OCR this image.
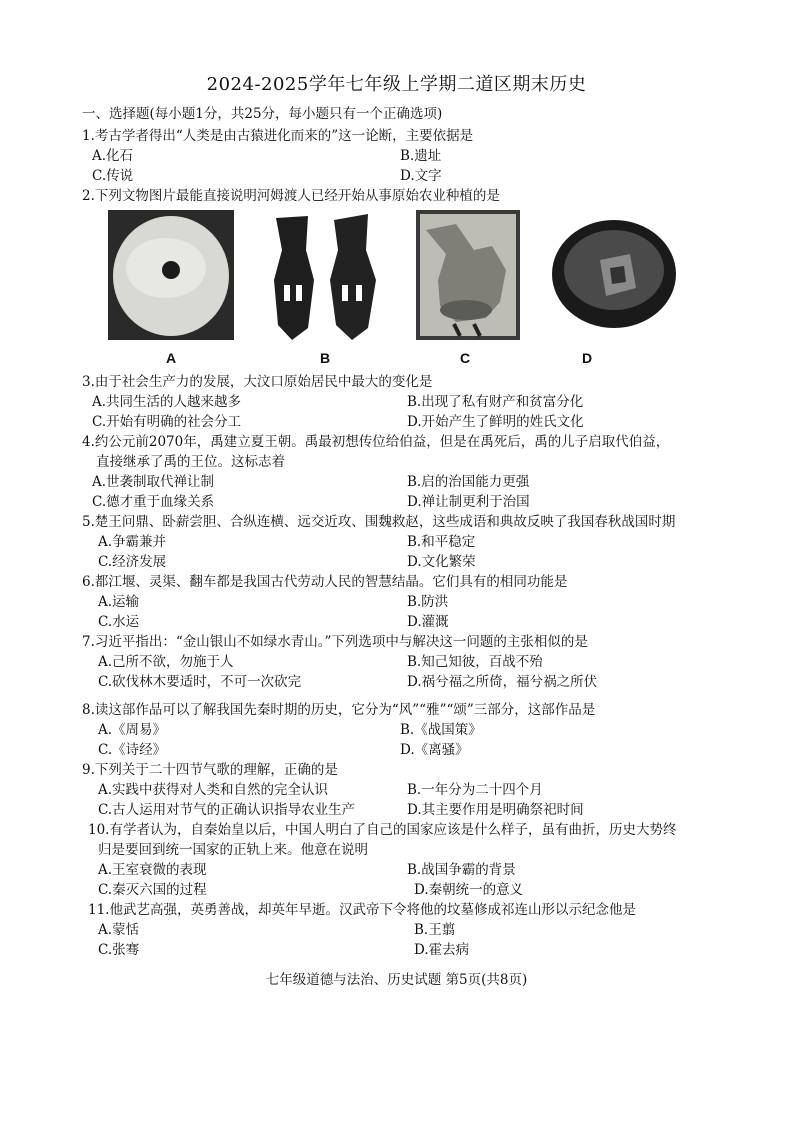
2024-2025学年七年级上学期二道区期末历史
一、选择题(每小题1分，共25分，每小题只有一个正确选项)
1.考古学者得出“人类是由古猿进化而来的”这一论断，主要依据是
A.化石	B.遗址
C.传说	D.文字
2.下列文物图片最能直接说明河姆渡人已经开始从事原始农业种植的是
A	B	C	D
3.由于社会生产力的发展，大汶口原始居民中最大的变化是
A.共同生活的人越来越多	B.出现了私有财产和贫富分化
C.开始有明确的社会分工	D.开始产生了鲜明的姓氏文化
4.约公元前2070年，禹建立夏王朝。禹最初想传位给伯益，但是在禹死后，禹的儿子启取代伯益，
直接继承了禹的王位。这标志着
A.世袭制取代禅让制	B.启的治国能力更强
C.德才重于血缘关系	D.禅让制更利于治国
5.楚王问鼎、卧薪尝胆、合纵连横、远交近攻、围魏救赵，这些成语和典故反映了我国春秋战国时期
A.争霸兼并	B.和平稳定
C.经济发展	D.文化繁荣
6.都江堰、灵渠、翻车都是我国古代劳动人民的智慧结晶。它们具有的相同功能是
A.运输	B.防洪
C.水运	D.灌溉
7.习近平指出：“金山银山不如绿水青山。”下列选项中与解决这一问题的主张相似的是
A.己所不欲，勿施于人	B.知己知彼，百战不殆
C.砍伐林木要适时，不可一次砍完	D.祸兮福之所倚，福兮祸之所伏
8.读这部作品可以了解我国先秦时期的历史，它分为“风”“雅”“颂”三部分，这部作品是
A.《周易》	B.《战国策》
C.《诗经》	D.《离骚》
9.下列关于二十四节气歌的理解，正确的是
A.实践中获得对人类和自然的完全认识	B.一年分为二十四个月
C.古人运用对节气的正确认识指导农业生产	D.其主要作用是明确祭祀时间
10.有学者认为，自秦始皇以后，中国人明白了自己的国家应该是什么样子，虽有曲折，历史大势终
归是要回到统一国家的正轨上来。他意在说明
A.王室衰微的表现	B.战国争霸的背景
C.秦灭六国的过程	D.秦朝统一的意义
11.他武艺高强，英勇善战，却英年早逝。汉武帝下令将他的坟墓修成祁连山形以示纪念他是
A.蒙恬	B.王翦
C.张骞	D.霍去病
七年级道德与法治、历史试题 第5页(共8页)
